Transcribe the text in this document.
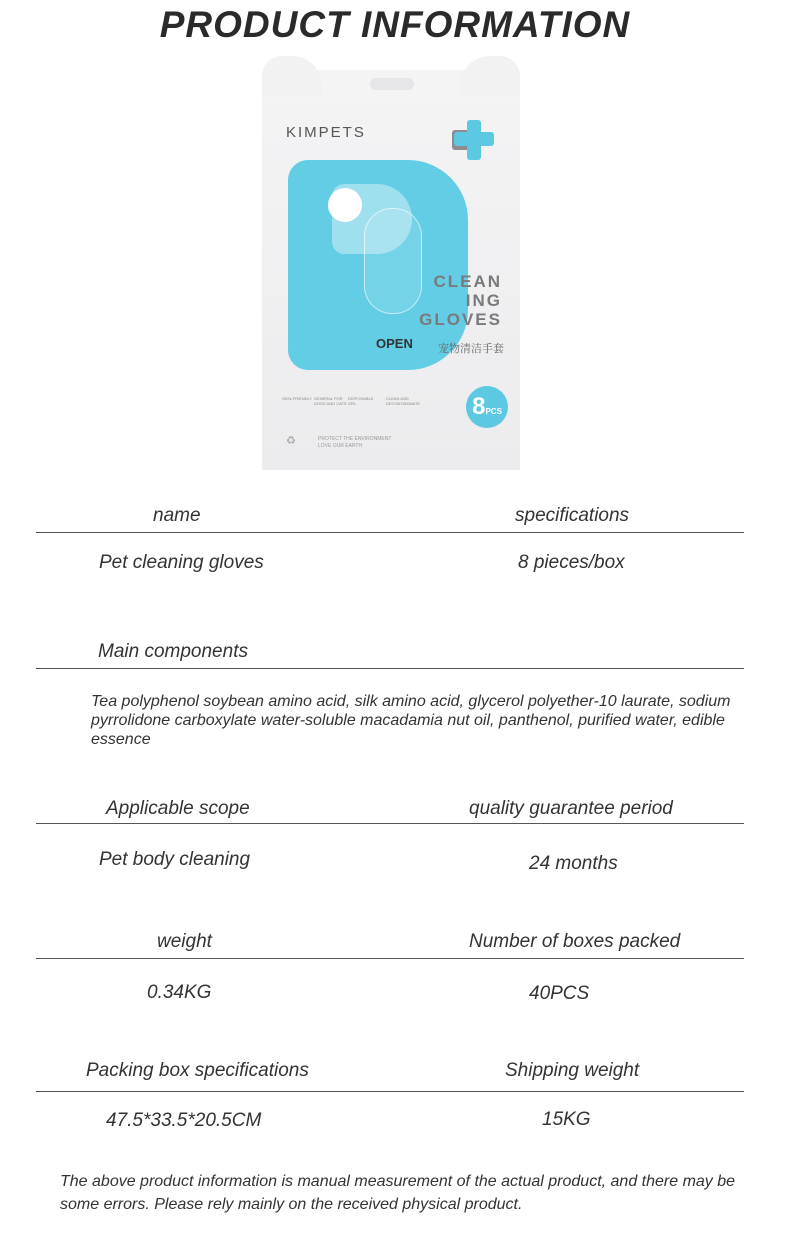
PRODUCT INFORMATION
KIMPETS
CLEAN
ING
GLOVES
OPEN 宠物清洁手套
SKIN-FRIENDLY GENERAL FOR DOGS AND CATS
DISPOSABLE SPA
CLEAN AND DECONTAMINATE	8PCS
♻	PROTECT THE ENVIRONMENT
LOVE OUR EARTH
name	specifications
Pet cleaning gloves	8 pieces/box
Main components
Tea polyphenol soybean amino acid, silk amino acid, glycerol polyether-10 laurate, sodium pyrrolidone carboxylate water-soluble macadamia nut oil, panthenol, purified water, edible essence
Applicable scope	quality guarantee period
Pet body cleaning	24 months
weight	Number of boxes packed
0.34KG	40PCS
Packing box specifications	Shipping weight
47.5*33.5*20.5CM	15KG
The above product information is manual measurement of the actual product, and there may be some errors. Please rely mainly on the received physical product.
